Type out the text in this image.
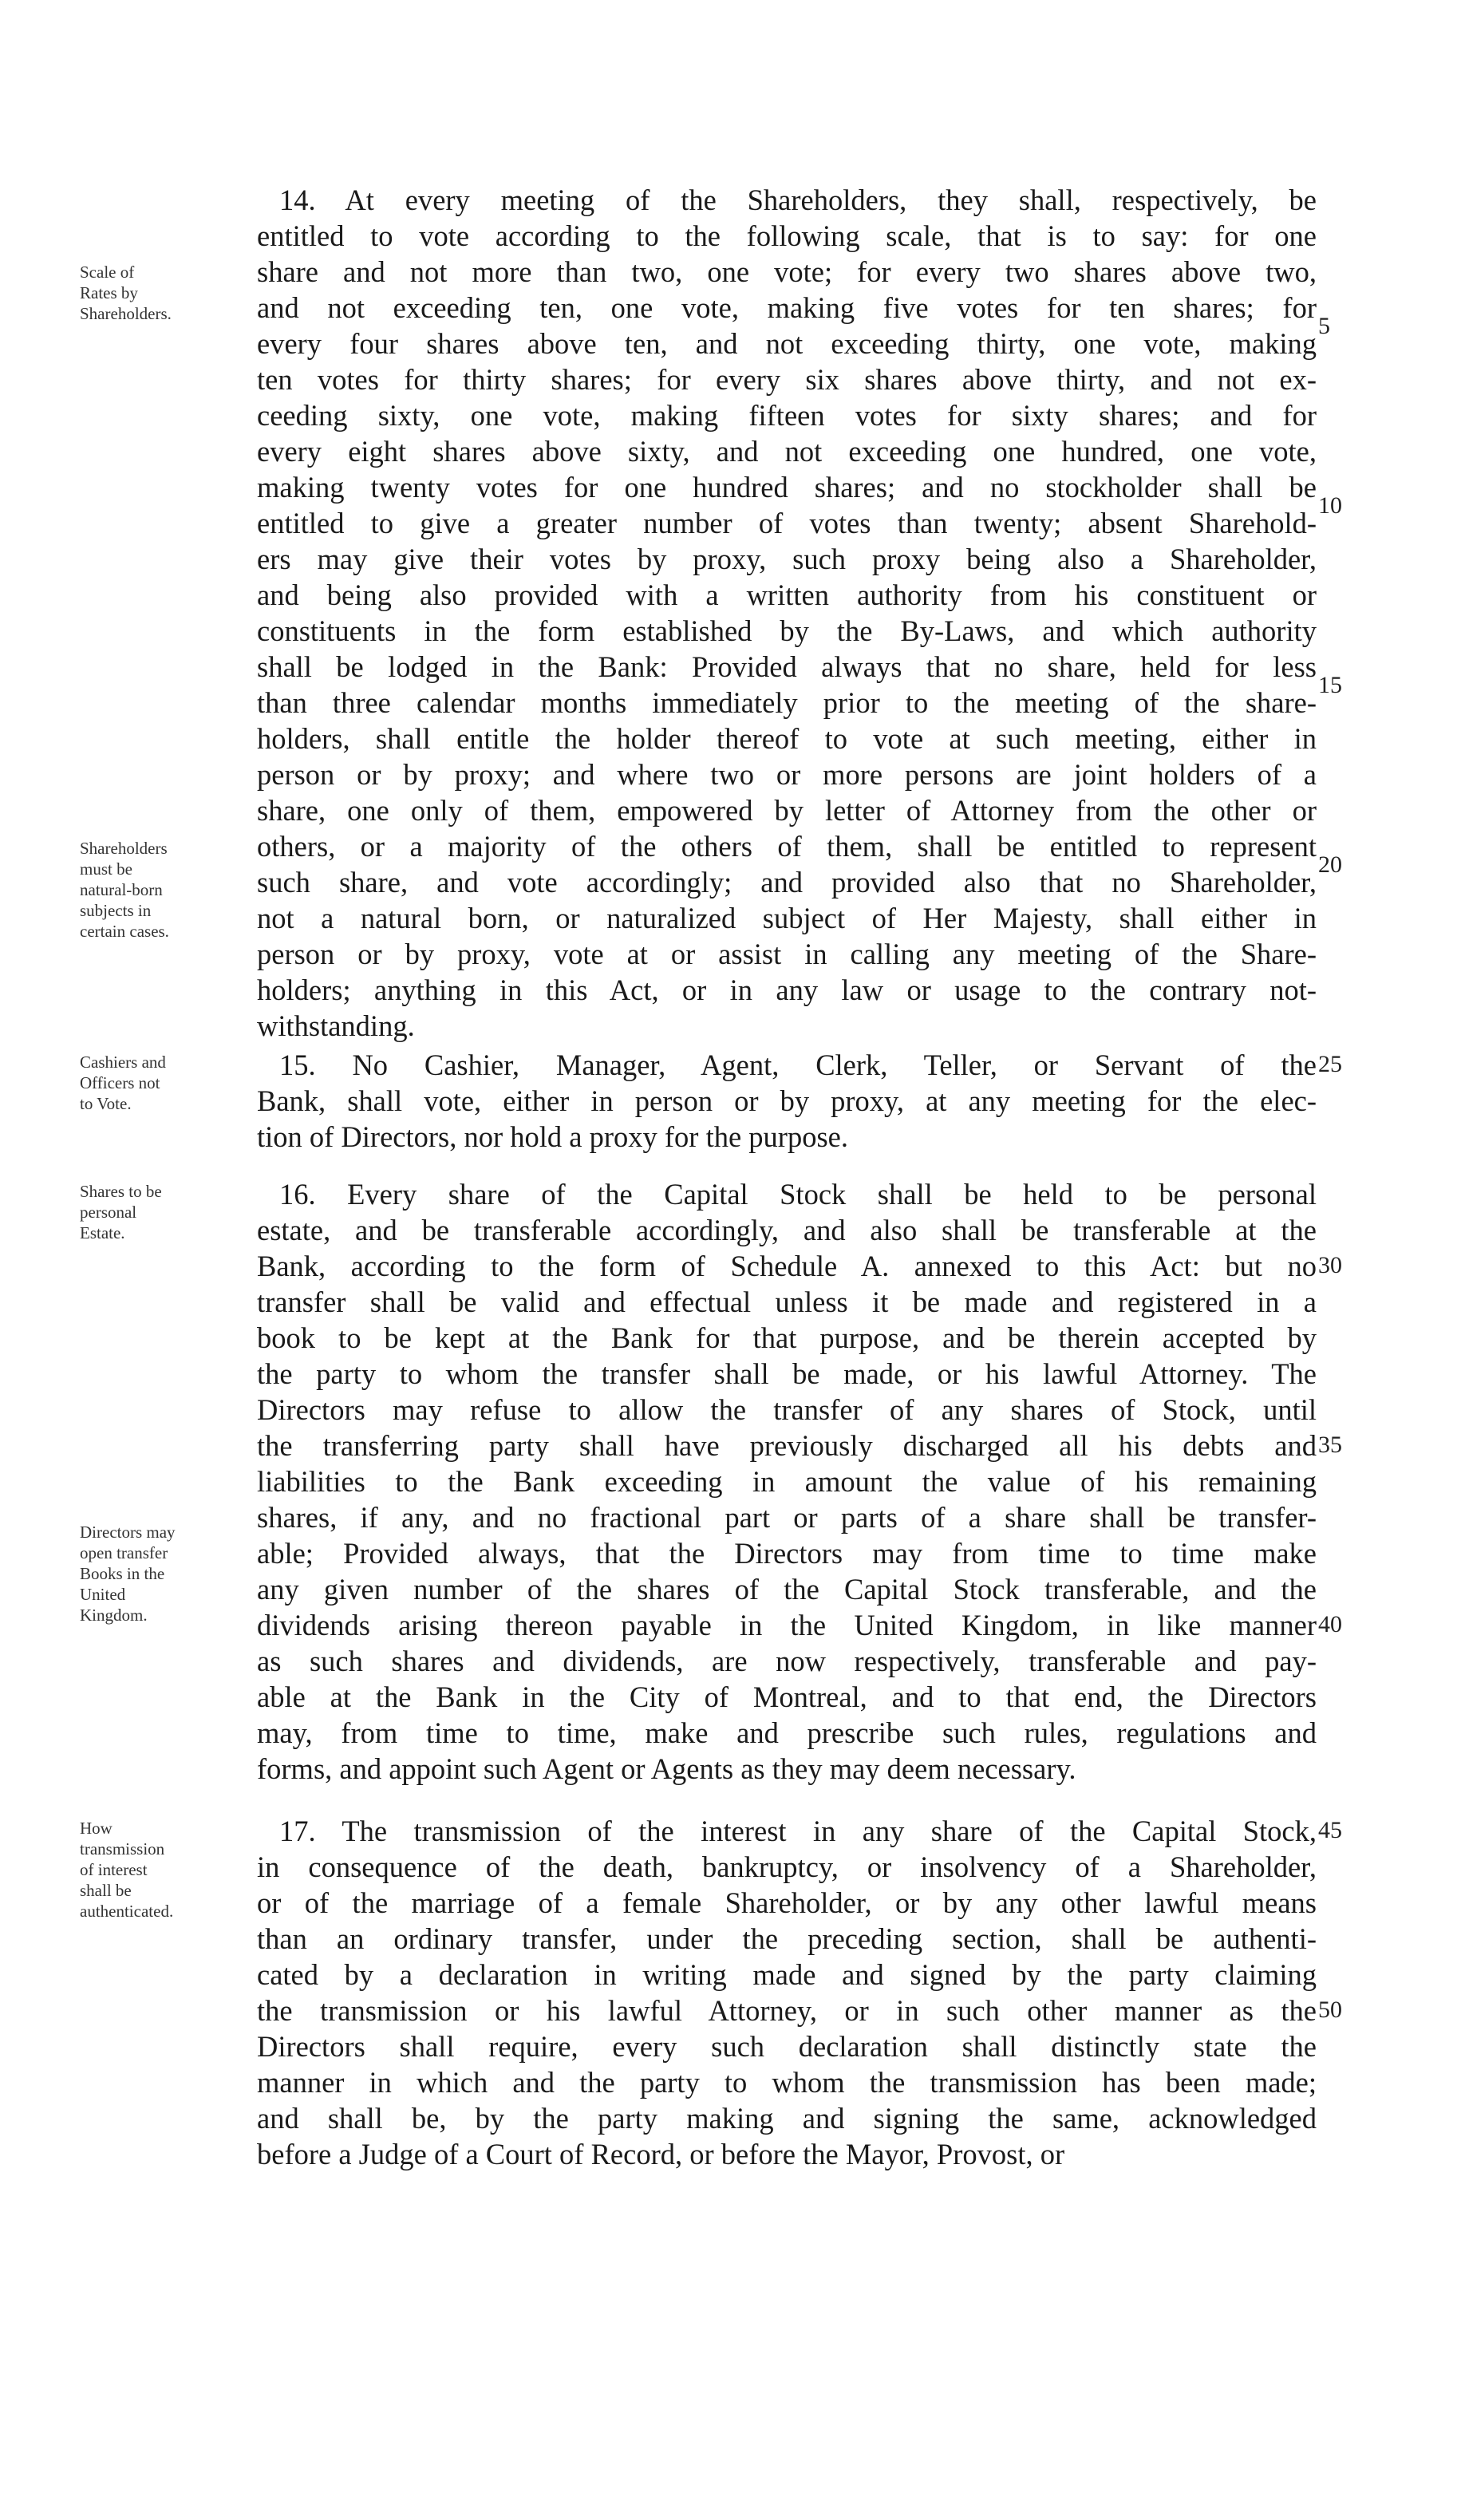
14. At every meeting of the Shareholders, they shall, respectively, be
entitled to vote according to the following scale, that is to say: for one
share and not more than two, one vote; for every two shares above two,
and not exceeding ten, one vote, making five votes for ten shares; for
every four shares above ten, and not exceeding thirty, one vote, making
ten votes for thirty shares; for every six shares above thirty, and not ex-
ceeding sixty, one vote, making fifteen votes for sixty shares; and for
every eight shares above sixty, and not exceeding one hundred, one vote,
making twenty votes for one hundred shares; and no stockholder shall be
entitled to give a greater number of votes than twenty; absent Sharehold-
ers may give their votes by proxy, such proxy being also a Shareholder,
and being also provided with a written authority from his constituent or
constituents in the form established by the By-Laws, and which authority
shall be lodged in the Bank: Provided always that no share, held for less
than three calendar months immediately prior to the meeting of the share-
holders, shall entitle the holder thereof to vote at such meeting, either in
person or by proxy; and where two or more persons are joint holders of a
share, one only of them, empowered by letter of Attorney from the other or
others, or a majority of the others of them, shall be entitled to represent
such share, and vote accordingly; and provided also that no Shareholder,
not a natural born, or naturalized subject of Her Majesty, shall either in
person or by proxy, vote at or assist in calling any meeting of the Share-
holders; anything in this Act, or in any law or usage to the contrary not-
withstanding.
15. No Cashier, Manager, Agent, Clerk, Teller, or Servant of the
Bank, shall vote, either in person or by proxy, at any meeting for the elec-
tion of Directors, nor hold a proxy for the purpose.
16. Every share of the Capital Stock shall be held to be personal
estate, and be transferable accordingly, and also shall be transferable at the
Bank, according to the form of Schedule A. annexed to this Act: but no
transfer shall be valid and effectual unless it be made and registered in a
book to be kept at the Bank for that purpose, and be therein accepted by
the party to whom the transfer shall be made, or his lawful Attorney. The
Directors may refuse to allow the transfer of any shares of Stock, until
the transferring party shall have previously discharged all his debts and
liabilities to the Bank exceeding in amount the value of his remaining
shares, if any, and no fractional part or parts of a share shall be transfer-
able; Provided always, that the Directors may from time to time make
any given number of the shares of the Capital Stock transferable, and the
dividends arising thereon payable in the United Kingdom, in like manner
as such shares and dividends, are now respectively, transferable and pay-
able at the Bank in the City of Montreal, and to that end, the Directors
may, from time to time, make and prescribe such rules, regulations and
forms, and appoint such Agent or Agents as they may deem necessary.
17. The transmission of the interest in any share of the Capital Stock,
in consequence of the death, bankruptcy, or insolvency of a Shareholder,
or of the marriage of a female Shareholder, or by any other lawful means
than an ordinary transfer, under the preceding section, shall be authenti-
cated by a declaration in writing made and signed by the party claiming
the transmission or his lawful Attorney, or in such other manner as the
Directors shall require, every such declaration shall distinctly state the
manner in which and the party to whom the transmission has been made;
and shall be, by the party making and signing the same, acknowledged
before a Judge of a Court of Record, or before the Mayor, Provost, or
Scale of
Rates by
Shareholders.
Shareholders
must be
natural-born
subjects in
certain cases.
Cashiers and
Officers not
to Vote.
Shares to be
personal
Estate.
Directors may
open transfer
Books in the
United
Kingdom.
How
transmission
of interest
shall be
authenticated.
5
10
15
20
25
30
35
40
45
50
